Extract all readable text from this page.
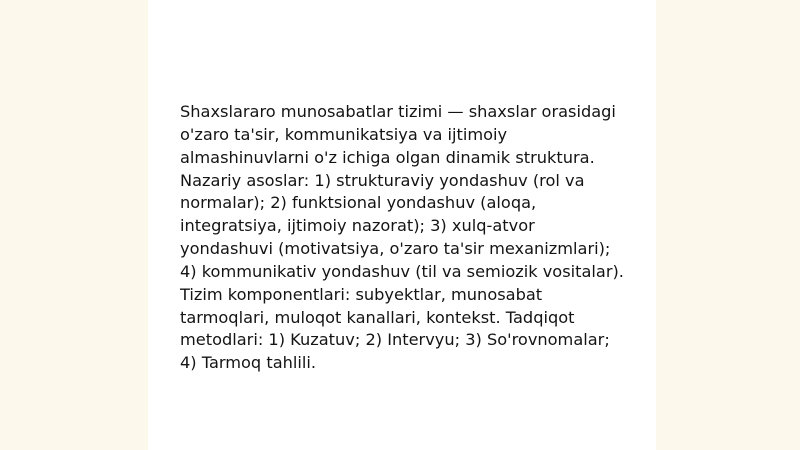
Shaxslararo munosabatlar tizimi — shaxslar orasidagi
o'zaro ta'sir, kommunikatsiya va ijtimoiy
almashinuvlarni o'z ichiga olgan dinamik struktura.
Nazariy asoslar: 1) strukturaviy yondashuv (rol va
normalar); 2) funktsional yondashuv (aloqa,
integratsiya, ijtimoiy nazorat); 3) xulq-atvor
yondashuvi (motivatsiya, o'zaro ta'sir mexanizmlari);
4) kommunikativ yondashuv (til va semiozik vositalar).
Tizim komponentlari: subyektlar, munosabat
tarmoqlari, muloqot kanallari, kontekst. Tadqiqot
metodlari: 1) Kuzatuv; 2) Intervyu; 3) So'rovnomalar;
4) Tarmoq tahlili.
